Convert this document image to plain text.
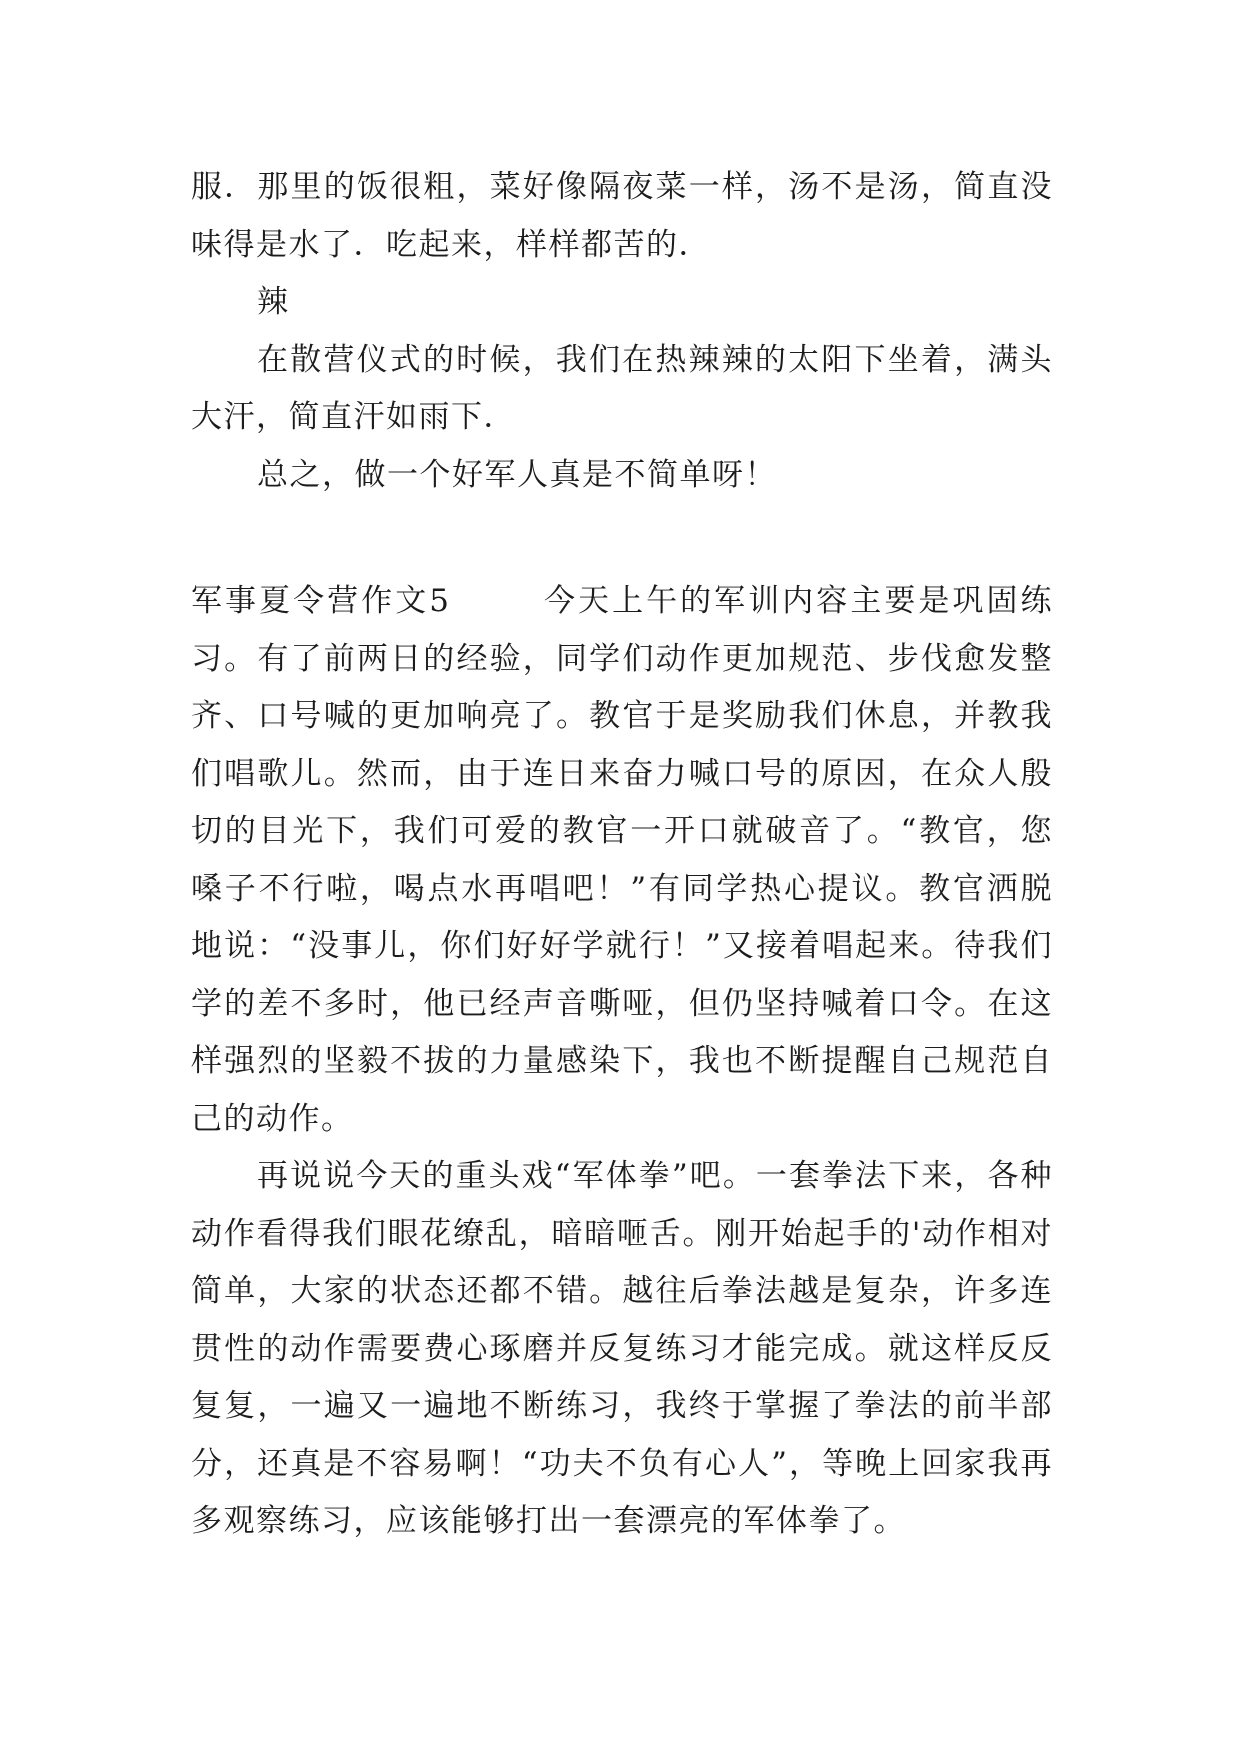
服．那里的饭很粗，菜好像隔夜菜一样，汤不是汤，简直没味得是水了．吃起来，样样都苦的．

辣

在散营仪式的时候，我们在热辣辣的太阳下坐着，满头大汗，简直汗如雨下．

总之，做一个好军人真是不简单呀！

军事夏令营作文5	今天上午的军训内容主要是巩固练习。有了前两日的经验，同学们动作更加规范、步伐愈发整齐、口号喊的更加响亮了。教官于是奖励我们休息，并教我们唱歌儿。然而，由于连日来奋力喊口号的原因，在众人殷切的目光下，我们可爱的教官一开口就破音了。“教官，您嗓子不行啦，喝点水再唱吧！”有同学热心提议。教官洒脱地说：“没事儿，你们好好学就行！”又接着唱起来。待我们学的差不多时，他已经声音嘶哑，但仍坚持喊着口令。在这样强烈的坚毅不拔的力量感染下，我也不断提醒自己规范自己的动作。

再说说今天的重头戏“军体拳”吧。一套拳法下来，各种动作看得我们眼花缭乱，暗暗咂舌。刚开始起手的'动作相对简单，大家的状态还都不错。越往后拳法越是复杂，许多连贯性的动作需要费心琢磨并反复练习才能完成。就这样反反复复，一遍又一遍地不断练习，我终于掌握了拳法的前半部分，还真是不容易啊！“功夫不负有心人”，等晚上回家我再多观察练习，应该能够打出一套漂亮的军体拳了。
